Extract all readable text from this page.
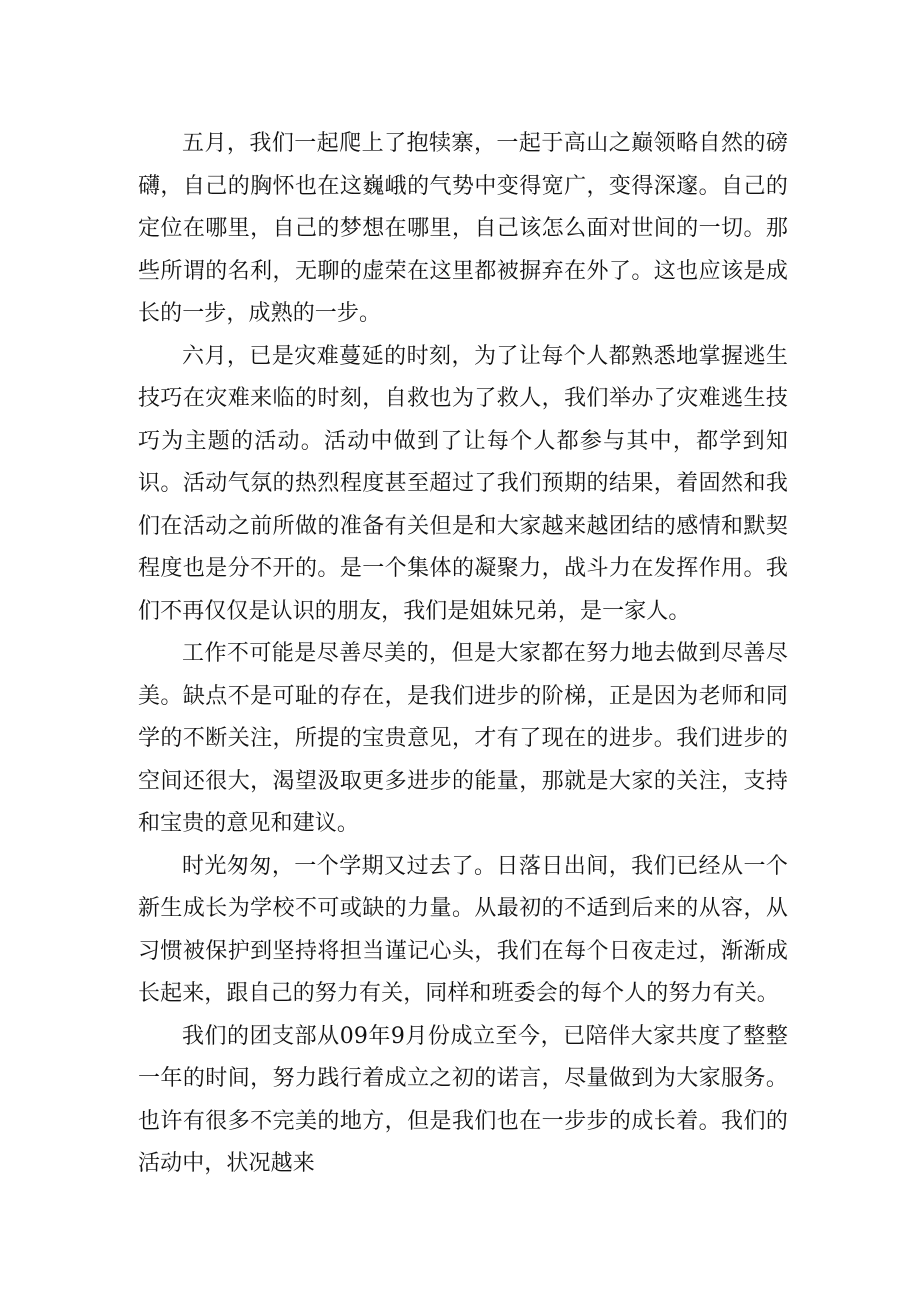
五月，我们一起爬上了抱犊寨，一起于高山之巅领略自然的磅礴，自己的胸怀也在这巍峨的气势中变得宽广，变得深邃。自己的定位在哪里，自己的梦想在哪里，自己该怎么面对世间的一切。那些所谓的名利，无聊的虚荣在这里都被摒弃在外了。这也应该是成长的一步，成熟的一步。

六月，已是灾难蔓延的时刻，为了让每个人都熟悉地掌握逃生技巧在灾难来临的时刻，自救也为了救人，我们举办了灾难逃生技巧为主题的活动。活动中做到了让每个人都参与其中，都学到知识。活动气氛的热烈程度甚至超过了我们预期的结果，着固然和我们在活动之前所做的准备有关但是和大家越来越团结的感情和默契程度也是分不开的。是一个集体的凝聚力，战斗力在发挥作用。我们不再仅仅是认识的朋友，我们是姐妹兄弟，是一家人。

工作不可能是尽善尽美的，但是大家都在努力地去做到尽善尽美。缺点不是可耻的存在，是我们进步的阶梯，正是因为老师和同学的不断关注，所提的宝贵意见，才有了现在的进步。我们进步的空间还很大，渴望汲取更多进步的能量，那就是大家的关注，支持和宝贵的意见和建议。

时光匆匆，一个学期又过去了。日落日出间，我们已经从一个新生成长为学校不可或缺的力量。从最初的不适到后来的从容，从习惯被保护到坚持将担当谨记心头，我们在每个日夜走过，渐渐成长起来，跟自己的努力有关，同样和班委会的每个人的努力有关。

我们的团支部从09年9月份成立至今，已陪伴大家共度了整整一年的时间，努力践行着成立之初的诺言，尽量做到为大家服务。也许有很多不完美的地方，但是我们也在一步步的成长着。我们的活动中，状况越来
